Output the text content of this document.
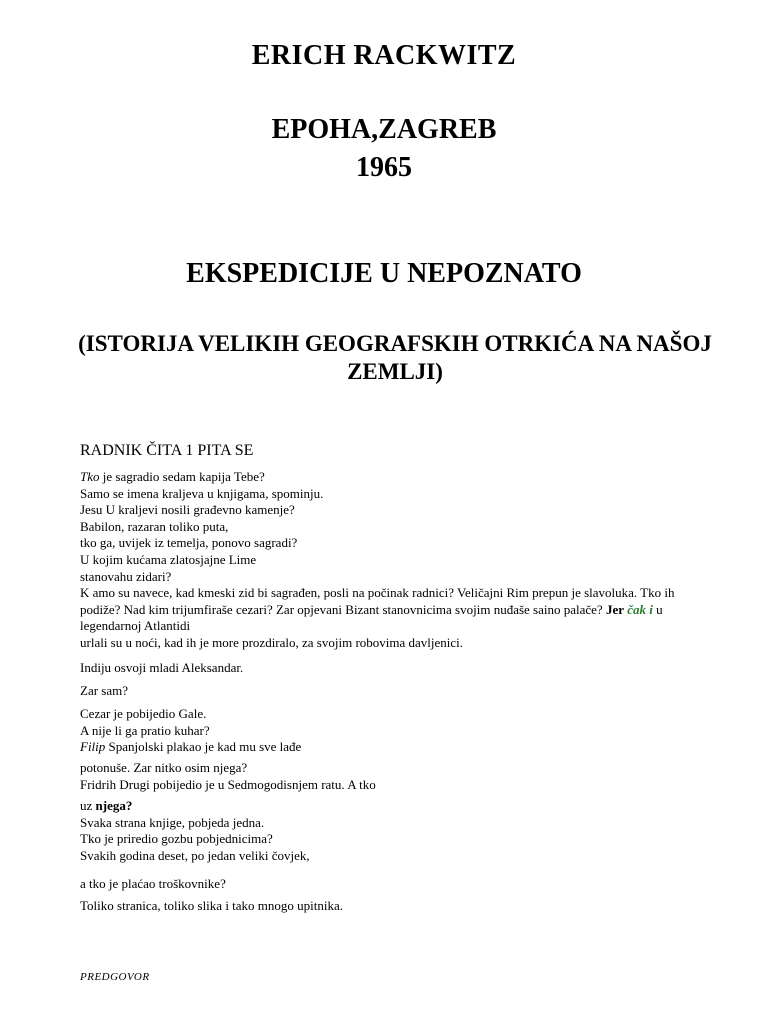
ERICH RACKWITZ
EPOHA,ZAGREB
1965
EKSPEDICIJE U NEPOZNATO
(ISTORIJA VELIKIH GEOGRAFSKIH OTRKIĆA NA NAŠOJ ZEMLJI)
RADNIK ČITA 1 PITA SE

Tko je sagradio sedam kapija Tebe?

Samo se imena kraljeva u knjigama, spominju.

Jesu U kraljevi nosili građevno kamenje?

Babilon, razaran toliko puta,

tko ga, uvijek iz temelja, ponovo sagradi?

U kojim kućama zlatosjajne Lime

stanovahu zidari?

K amo su navece, kad kmeski zid bi sagrađen, posli na počinak radnici? Veličajni Rim prepun je slavoluka. Tko ih podiže? Nad kim trijumfiraše cezari? Zar opjevani Bizant stanovnicima svojim nuđaše saino palače? Jer čak i u legendarnoj Atlantidi

urlali su u noći, kad ih je more prozdiralo, za svojim robovima davljenici.

Indiju osvoji mladi Aleksandar.

Zar sam?

Cezar je pobijedio Gale.

A nije li ga pratio kuhar?

Filip Spanjolski plakao je kad mu sve lađe

potonuše. Zar nitko osim njega?

Fridrih Drugi pobijedio je u Sedmogodisnjem ratu. A tko

uz njega?

Svaka strana knjige, pobjeda jedna.

Tko je priredio gozbu pobjednicima?

Svakih godina deset, po jedan veliki čovjek,

a tko je plaćao troškovnike?

Toliko stranica, toliko slika i tako mnogo upitnika.

PREDGOVOR
